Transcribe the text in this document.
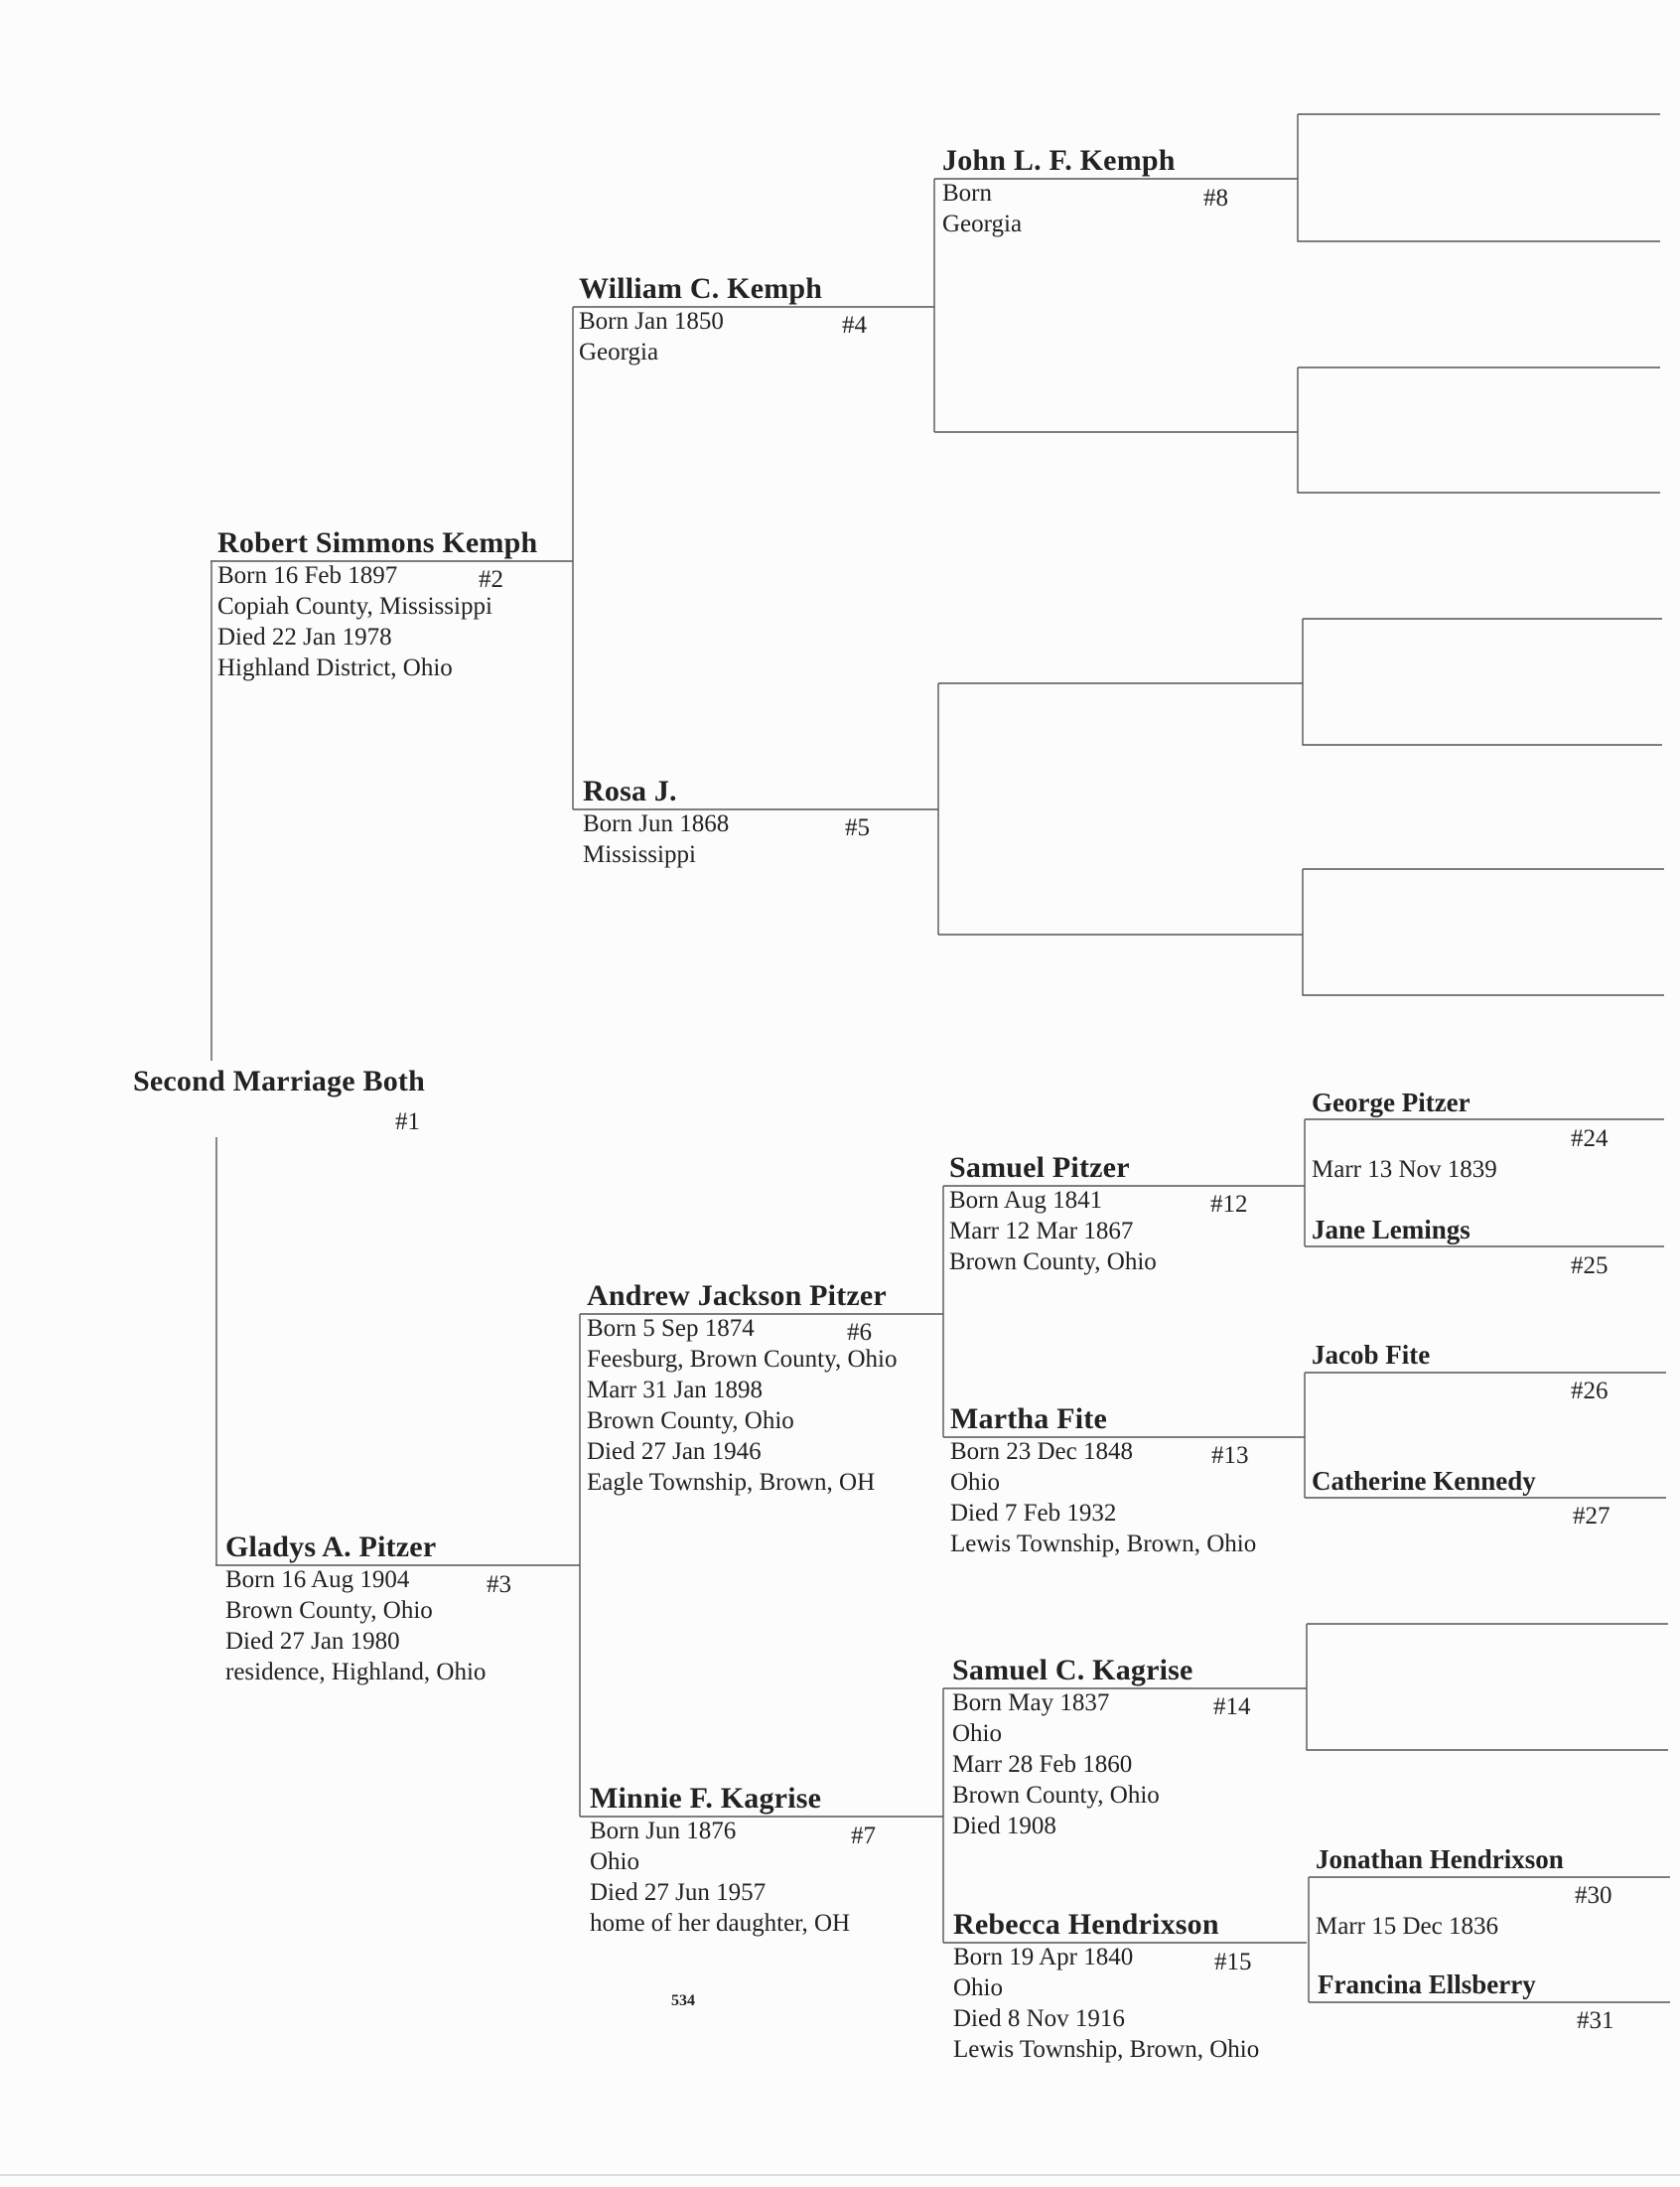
Second Marriage Both
#1
Robert Simmons Kemph
Born 16 Feb 1897
Copiah County, Mississippi
Died 22 Jan 1978
Highland District, Ohio
#2
Gladys A. Pitzer
Born 16 Aug 1904
Brown County, Ohio
Died 27 Jan 1980
residence, Highland, Ohio
#3
William C. Kemph
Born Jan 1850
Georgia
#4
Rosa J.
Born Jun 1868
Mississippi
#5
Andrew Jackson Pitzer
Born 5 Sep 1874
Feesburg, Brown County, Ohio
Marr 31 Jan 1898
Brown County, Ohio
Died 27 Jan 1946
Eagle Township, Brown, OH
#6
Minnie F. Kagrise
Born Jun 1876
Ohio
Died 27 Jun 1957
home of her daughter, OH
#7
John L. F. Kemph
Born
Georgia
#8
Samuel Pitzer
Born Aug 1841
Marr 12 Mar 1867
Brown County, Ohio
#12
Martha Fite
Born 23 Dec 1848
Ohio
Died 7 Feb 1932
Lewis Township, Brown, Ohio
#13
Samuel C. Kagrise
Born May 1837
Ohio
Marr 28 Feb 1860
Brown County, Ohio
Died 1908
#14
Rebecca Hendrixson
Born 19 Apr 1840
Ohio
Died 8 Nov 1916
Lewis Township, Brown, Ohio
#15
George Pitzer
#24
Marr 13 Nov 1839
Jane Lemings
#25
Jacob Fite
#26
Catherine Kennedy
#27
Jonathan Hendrixson
#30
Marr 15 Dec 1836
Francina Ellsberry
#31
534
